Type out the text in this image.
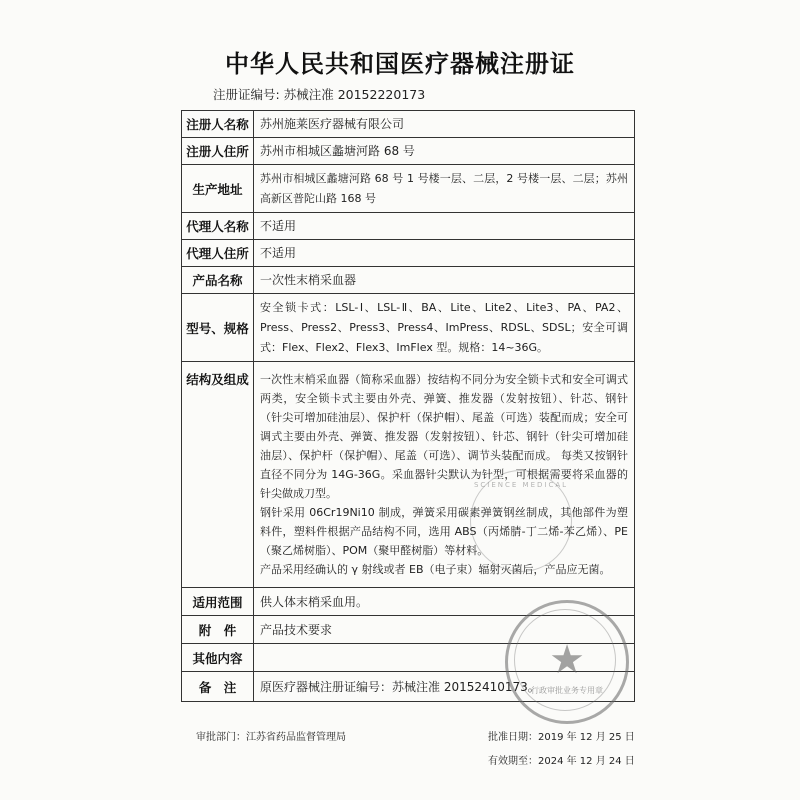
中华人民共和国医疗器械注册证
注册证编号: 苏械注准 20152220173
注册人名称	苏州施莱医疗器械有限公司
注册人住所	苏州市相城区蠡塘河路 68 号
生产地址	苏州市相城区蠡塘河路 68 号 1 号楼一层、二层，2 号楼一层、二层；苏州高新区普陀山路 168 号
代理人名称	不适用
代理人住所	不适用
产品名称	一次性末梢采血器
型号、规格	安全锁卡式：LSL-Ⅰ、LSL-Ⅱ、BA、Lite、Lite2、Lite3、PA、PA2、Press、Press2、Press3、Press4、ImPress、RDSL、SDSL；安全可调式：Flex、Flex2、Flex3、ImFlex 型。规格：14~36G。
结构及组成	一次性末梢采血器（简称采血器）按结构不同分为安全锁卡式和安全可调式两类，安全锁卡式主要由外壳、弹簧、推发器（发射按钮）、针芯、钢针（针尖可增加硅油层）、保护杆（保护帽）、尾盖（可选）装配而成；安全可调式主要由外壳、弹簧、推发器（发射按钮）、针芯、钢针（针尖可增加硅油层）、保护杆（保护帽）、尾盖（可选）、调节头装配而成。 每类又按钢针直径不同分为 14G-36G。采血器针尖默认为针型，可根据需要将采血器的针尖做成刀型。

钢针采用 06Cr19Ni10 制成，弹簧采用碳素弹簧钢丝制成，其他部件为塑料件，塑料件根据产品结构不同，选用 ABS（丙烯腈-丁二烯-苯乙烯）、PE（聚乙烯树脂）、POM（聚甲醛树脂）等材料。

产品采用经确认的 γ 射线或者 EB（电子束）辐射灭菌后，产品应无菌。

适用范围	供人体末梢采血用。
附　件	产品技术要求
其他内容	
备　注	原医疗器械注册证编号：苏械注准 20152410173。
SCIENCE MEDICAL
★
行政审批业务专用章
审批部门：江苏省药品监督管理局	批准日期：2019 年 12 月 25 日
有效期至：2024 年 12 月 24 日
